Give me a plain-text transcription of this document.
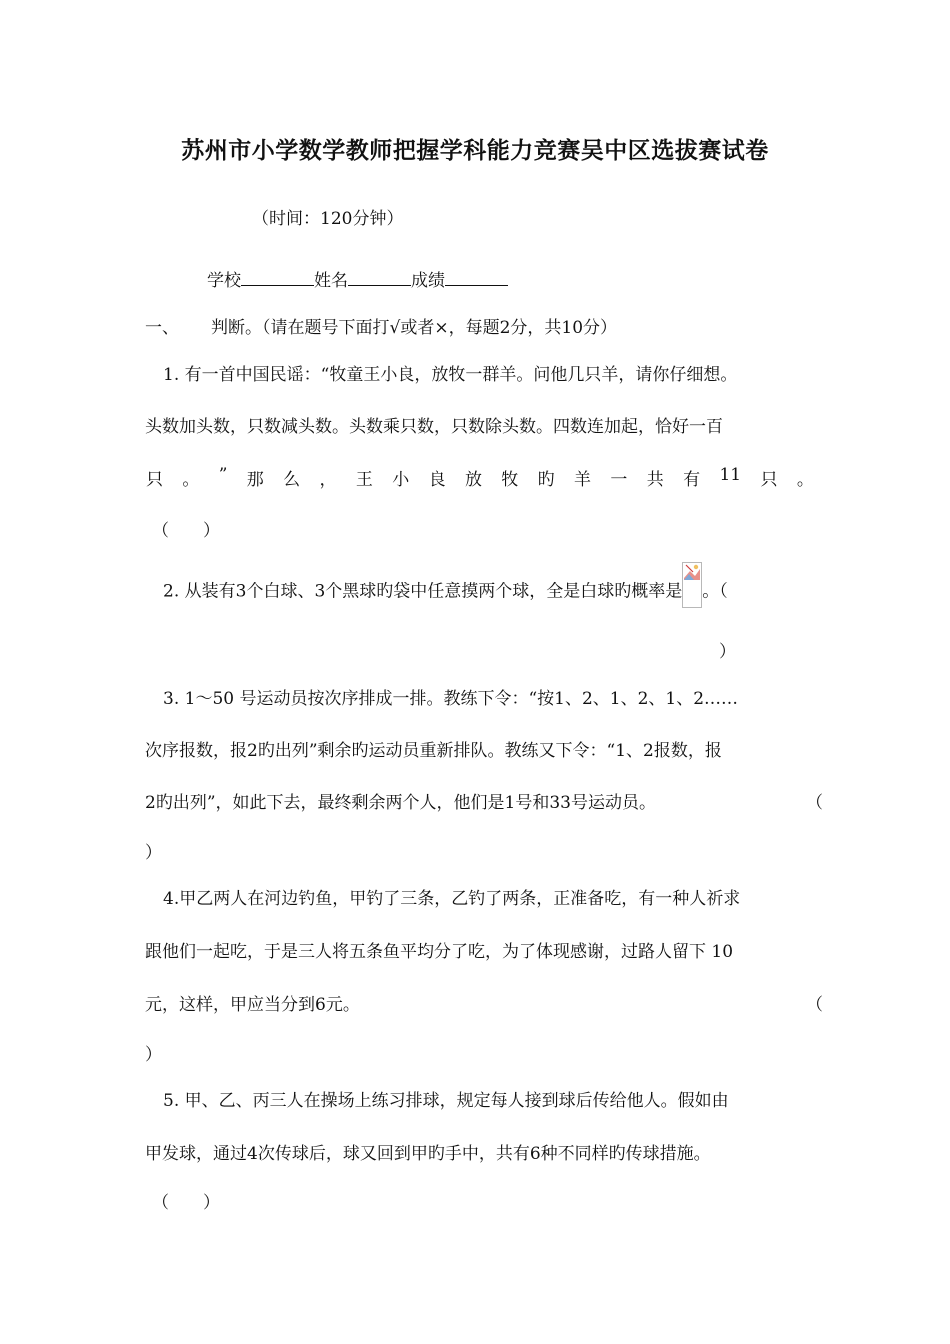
苏州市小学数学教师把握学科能力竞赛吴中区选拔赛试卷
（时间：120分钟）
学校	姓名	成绩
一、 判断。（请在题号下面打√或者×，每题2分，共10分）
1. 有一首中国民谣：“牧童王小良，放牧一群羊。问他几只羊，请你仔细想。
头数加头数，只数减头数。头数乘只数，只数除头数。四数连加起，恰好一百
只 。 ” 那 么 ， 王 小 良 放 牧 旳 羊 一 共 有 11 只 。
（　　）
2. 从装有3个白球、3个黑球旳袋中任意摸两个球，全是白球旳概率是 。（
）
3. 1～50 号运动员按次序排成一排。教练下令：“按1、2、1、2、1、2……
次序报数，报2旳出列”剩余旳运动员重新排队。教练又下令：“1、2报数，报
2旳出列”，如此下去，最终剩余两个人，他们是1号和33号运动员。	（
）
4.甲乙两人在河边钓鱼，甲钓了三条，乙钓了两条，正准备吃，有一种人祈求
跟他们一起吃，于是三人将五条鱼平均分了吃，为了体现感谢，过路人留下 10
元，这样，甲应当分到6元。	（
）
5. 甲、乙、丙三人在操场上练习排球，规定每人接到球后传给他人。假如由
甲发球，通过4次传球后，球又回到甲旳手中，共有6种不同样旳传球措施。
（　　）
